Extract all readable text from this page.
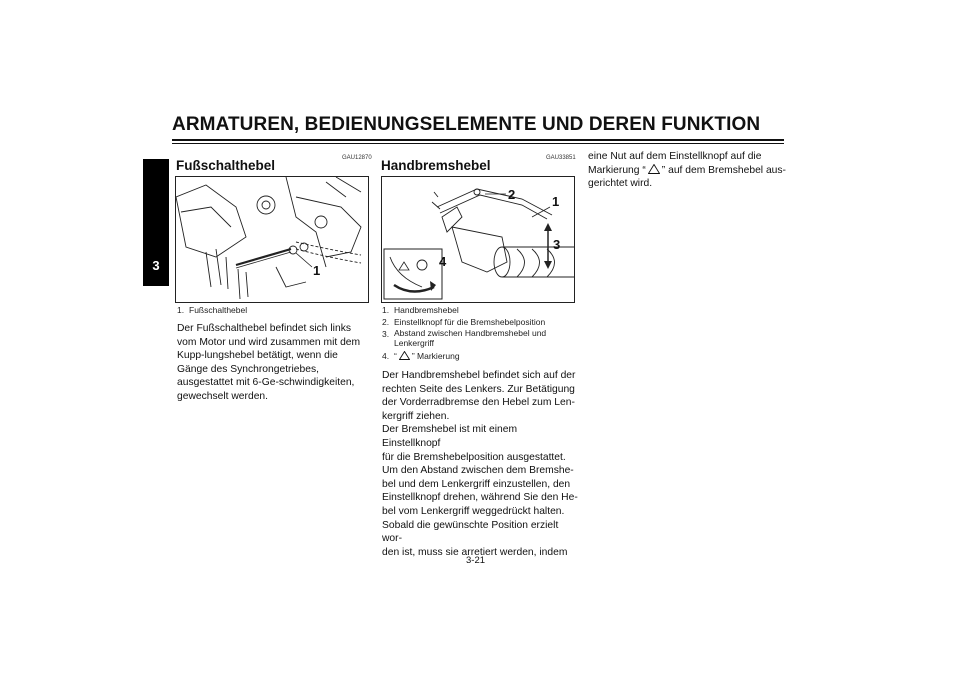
ARMATUREN, BEDIENUNGSELEMENTE UND DEREN FUNKTION
3
GAU12870
Fußschalthebel
1
1. Fußschalthebel
Der Fußschalthebel befindet sich links vom Motor und wird zusammen mit dem Kupp-lungshebel betätigt, wenn die Gänge des Synchrongetriebes, ausgestattet mit 6-Ge-schwindigkeiten, gewechselt werden.
GAU33851
Handbremshebel
2	1
3
4
1. Handbremshebel
2. Einstellknopf für die Bremshebelposition
3. Abstand zwischen Handbremshebel und Lenkergriff
4. “ ” Markierung

Der Handbremshebel befindet sich auf der

rechten Seite des Lenkers. Zur Betätigung

der Vorderradbremse den Hebel zum Len-

kergriff ziehen.

Der Bremshebel ist mit einem Einstellknopf

für die Bremshebelposition ausgestattet.

Um den Abstand zwischen dem Bremshe-

bel und dem Lenkergriff einzustellen, den

Einstellknopf drehen, während Sie den He-

bel vom Lenkergriff weggedrückt halten.

Sobald die gewünschte Position erzielt wor-

den ist, muss sie arretiert werden, indem

eine Nut auf dem Einstellknopf auf die

Markierung “ ” auf dem Bremshebel aus-

gerichtet wird.

3-21
